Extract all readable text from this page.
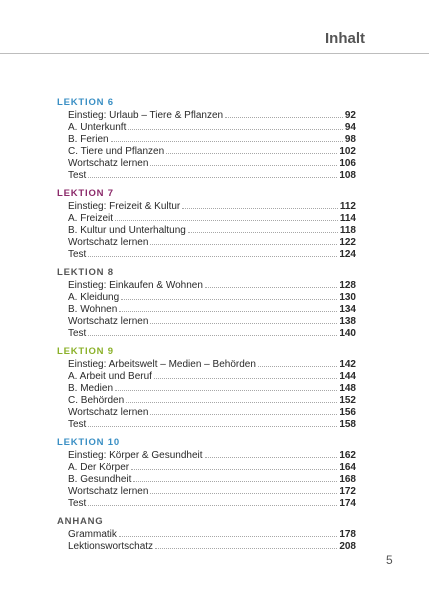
Inhalt
LEKTION 6
Einstieg: Urlaub – Tiere & Pflanzen	92
A. Unterkunft	94
B. Ferien	98
C. Tiere und Pflanzen	102
Wortschatz lernen	106
Test	108
LEKTION 7
Einstieg: Freizeit & Kultur	112
A. Freizeit	114
B. Kultur und Unterhaltung	118
Wortschatz lernen	122
Test	124
LEKTION 8
Einstieg: Einkaufen & Wohnen	128
A. Kleidung	130
B. Wohnen	134
Wortschatz lernen	138
Test	140
LEKTION 9
Einstieg: Arbeitswelt – Medien – Behörden	142
A. Arbeit und Beruf	144
B. Medien	148
C. Behörden	152
Wortschatz lernen	156
Test	158
LEKTION 10
Einstieg: Körper & Gesundheit	162
A. Der Körper	164
B. Gesundheit	168
Wortschatz lernen	172
Test	174
ANHANG
Grammatik	178
Lektionswortschatz	208
5
